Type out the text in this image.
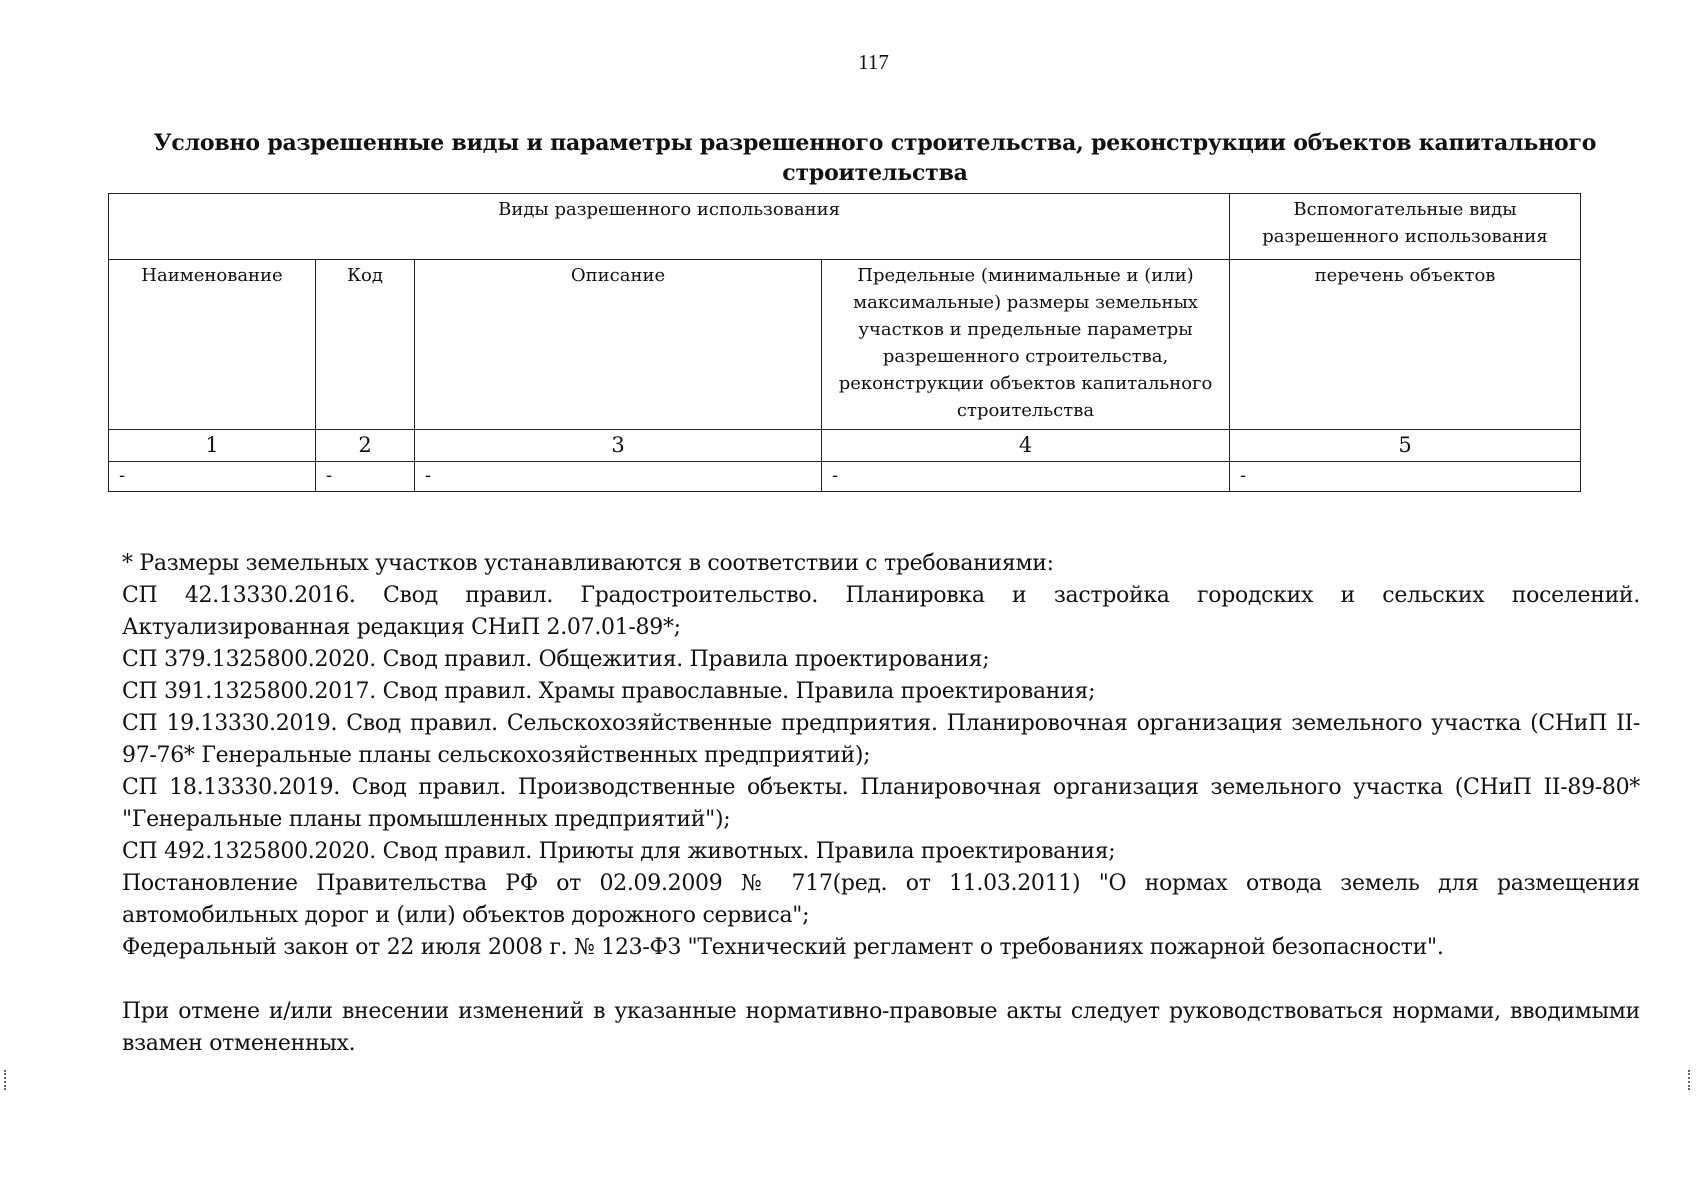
117
Условно разрешенные виды и параметры разрешенного строительства, реконструкции объектов капитального строительства
Виды разрешенного использования				Вспомогательные виды разрешенного использования
Наименование	Код	Описание	Предельные (минимальные и (или) максимальные) размеры земельных участков и предельные параметры разрешенного строительства, реконструкции объектов капитального строительства	перечень объектов
1	2	3	4	5
-	-	-	-	-
* Размеры земельных участков устанавливаются в соответствии с требованиями:
СП 42.13330.2016. Свод правил. Градостроительство. Планировка и застройка городских и сельских поселений. Актуализированная редакция СНиП 2.07.01-89*;
СП 379.1325800.2020. Свод правил. Общежития. Правила проектирования;
СП 391.1325800.2017. Свод правил. Храмы православные. Правила проектирования;
СП 19.13330.2019. Свод правил. Сельскохозяйственные предприятия. Планировочная организация земельного участка (СНиП II-97-76* Генеральные планы сельскохозяйственных предприятий);
СП 18.13330.2019. Свод правил. Производственные объекты. Планировочная организация земельного участка (СНиП II-89-80* "Генеральные планы промышленных предприятий");
СП 492.1325800.2020. Свод правил. Приюты для животных. Правила проектирования;
Постановление Правительства РФ от 02.09.2009 № 717(ред. от 11.03.2011) "О нормах отвода земель для размещения автомобильных дорог и (или) объектов дорожного сервиса";
Федеральный закон от 22 июля 2008 г. № 123-ФЗ "Технический регламент о требованиях пожарной безопасности".
При отмене и/или внесении изменений в указанные нормативно-правовые акты следует руководствоваться нормами, вводимыми взамен отмененных.
